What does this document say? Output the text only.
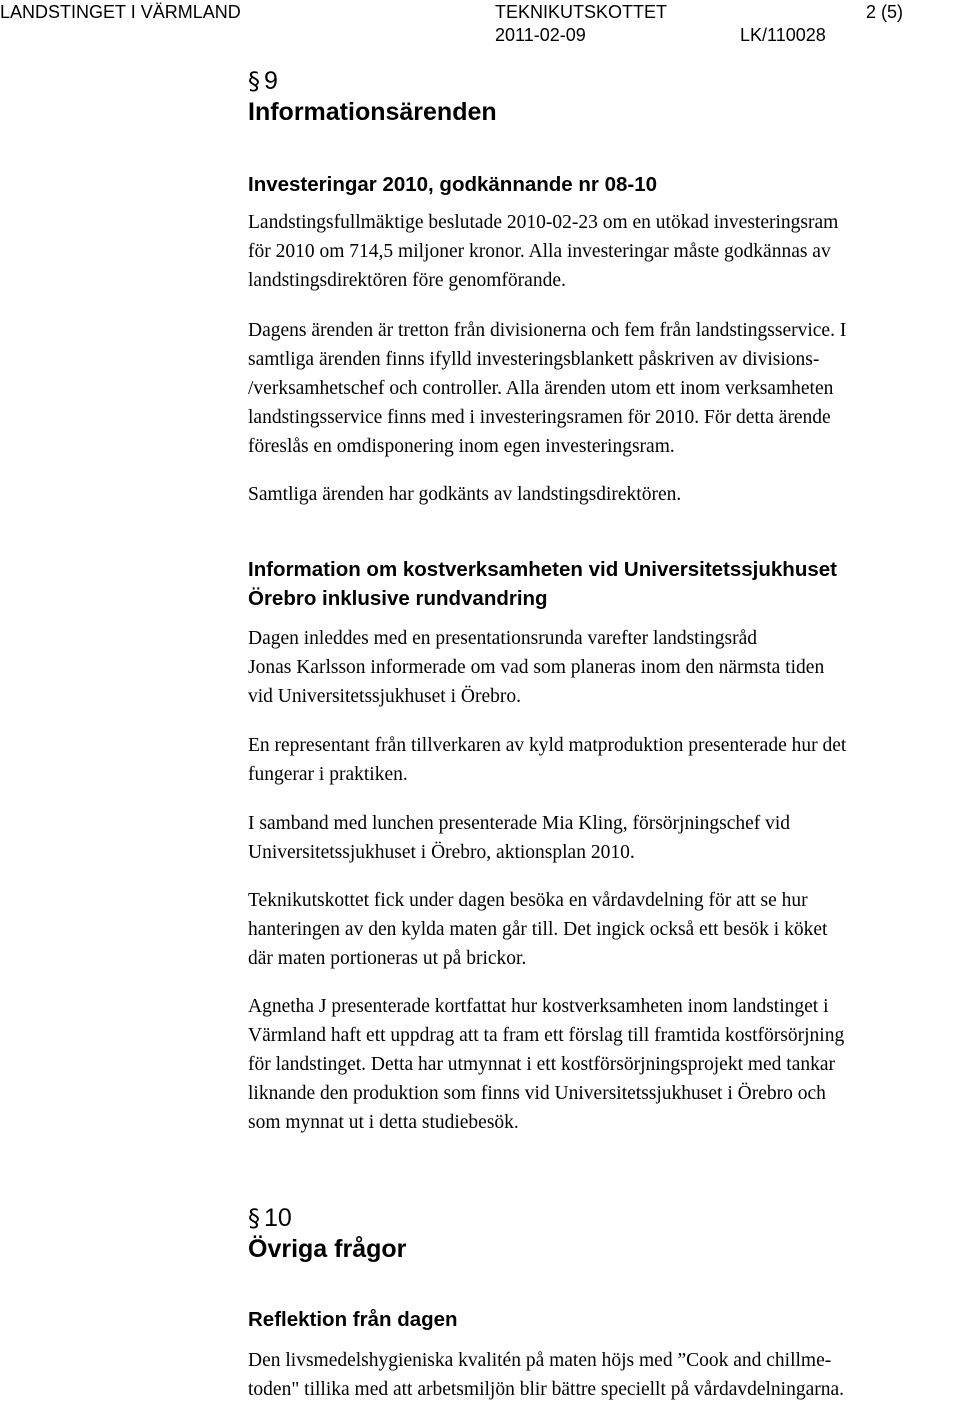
LANDSTINGET I VÄRMLAND	TEKNIKUTSKOTTET	2 (5)
2011-02-09	LK/110028
§ 9
Informationsärenden
Investeringar 2010, godkännande nr 08-10
Landstingsfullmäktige beslutade 2010-02-23 om en utökad investeringsram
för 2010 om 714,5 miljoner kronor. Alla investeringar måste godkännas av
landstingsdirektören före genomförande.
Dagens ärenden är tretton från divisionerna och fem från landstingsservice. I
samtliga ärenden finns ifylld investeringsblankett påskriven av divisions-
/verksamhetschef och controller. Alla ärenden utom ett inom verksamheten
landstingsservice finns med i investeringsramen för 2010. För detta ärende
föreslås en omdisponering inom egen investeringsram.
Samtliga ärenden har godkänts av landstingsdirektören.
Information om kostverksamheten vid Universitetssjukhuset
Örebro inklusive rundvandring
Dagen inleddes med en presentationsrunda varefter landstingsråd
Jonas Karlsson informerade om vad som planeras inom den närmsta tiden
vid Universitetssjukhuset i Örebro.
En representant från tillverkaren av kyld matproduktion presenterade hur det
fungerar i praktiken.
I samband med lunchen presenterade Mia Kling, försörjningschef vid
Universitetssjukhuset i Örebro, aktionsplan 2010.
Teknikutskottet fick under dagen besöka en vårdavdelning för att se hur
hanteringen av den kylda maten går till. Det ingick också ett besök i köket
där maten portioneras ut på brickor.
Agnetha J presenterade kortfattat hur kostverksamheten inom landstinget i
Värmland haft ett uppdrag att ta fram ett förslag till framtida kostförsörjning
för landstinget. Detta har utmynnat i ett kostförsörjningsprojekt med tankar
liknande den produktion som finns vid Universitetssjukhuset i Örebro och
som mynnat ut i detta studiebesök.
§ 10
Övriga frågor
Reflektion från dagen
Den livsmedelshygieniska kvalitén på maten höjs med ”Cook and chillme-
toden" tillika med att arbetsmiljön blir bättre speciellt på vårdavdelningarna.
